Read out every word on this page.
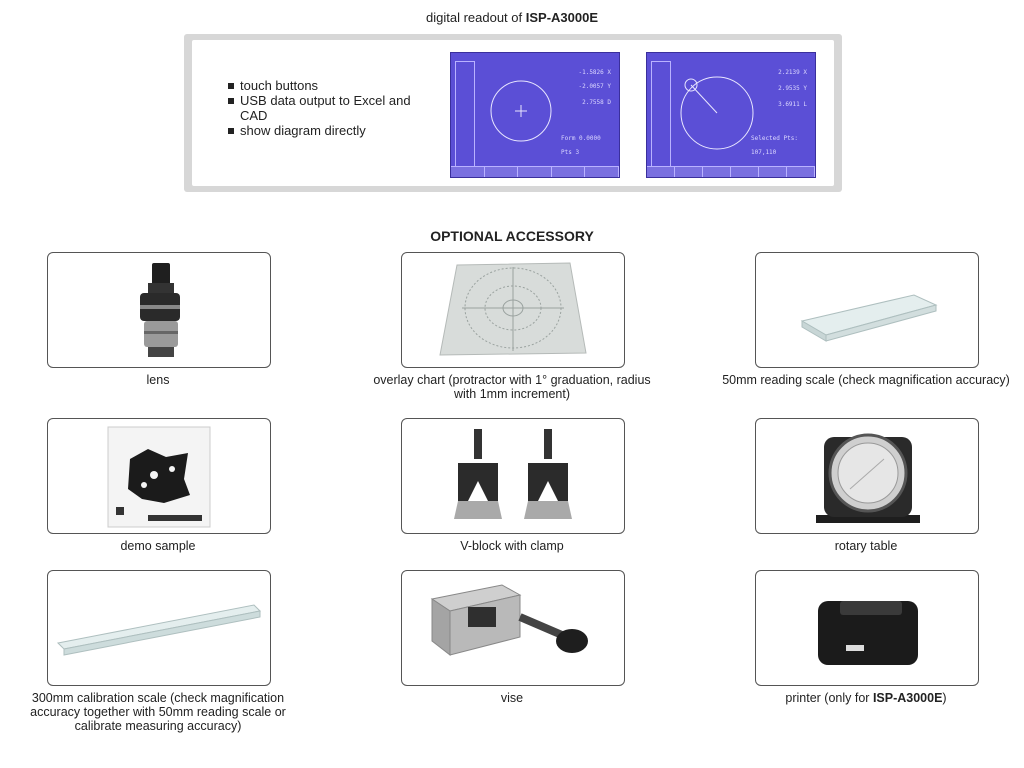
digital readout of ISP-A3000E
touch buttons
USB data output to Excel and CAD
show diagram directly
-1.5826 X
-2.0057 Y
2.7558 D
Form 0.0000
Pts 3
2.2139 X
2.9535 Y
3.6911 L
Selected Pts:
107,110
OPTIONAL ACCESSORY
lens	overlay chart (protractor with 1° graduation, radius with 1mm increment)
50mm reading scale (check magnification accuracy)
demo sample	V-block with clamp	rotary table
300mm calibration scale (check magnification accuracy together with 50mm reading scale or calibrate measuring accuracy)
vise	printer (only for ISP-A3000E)
